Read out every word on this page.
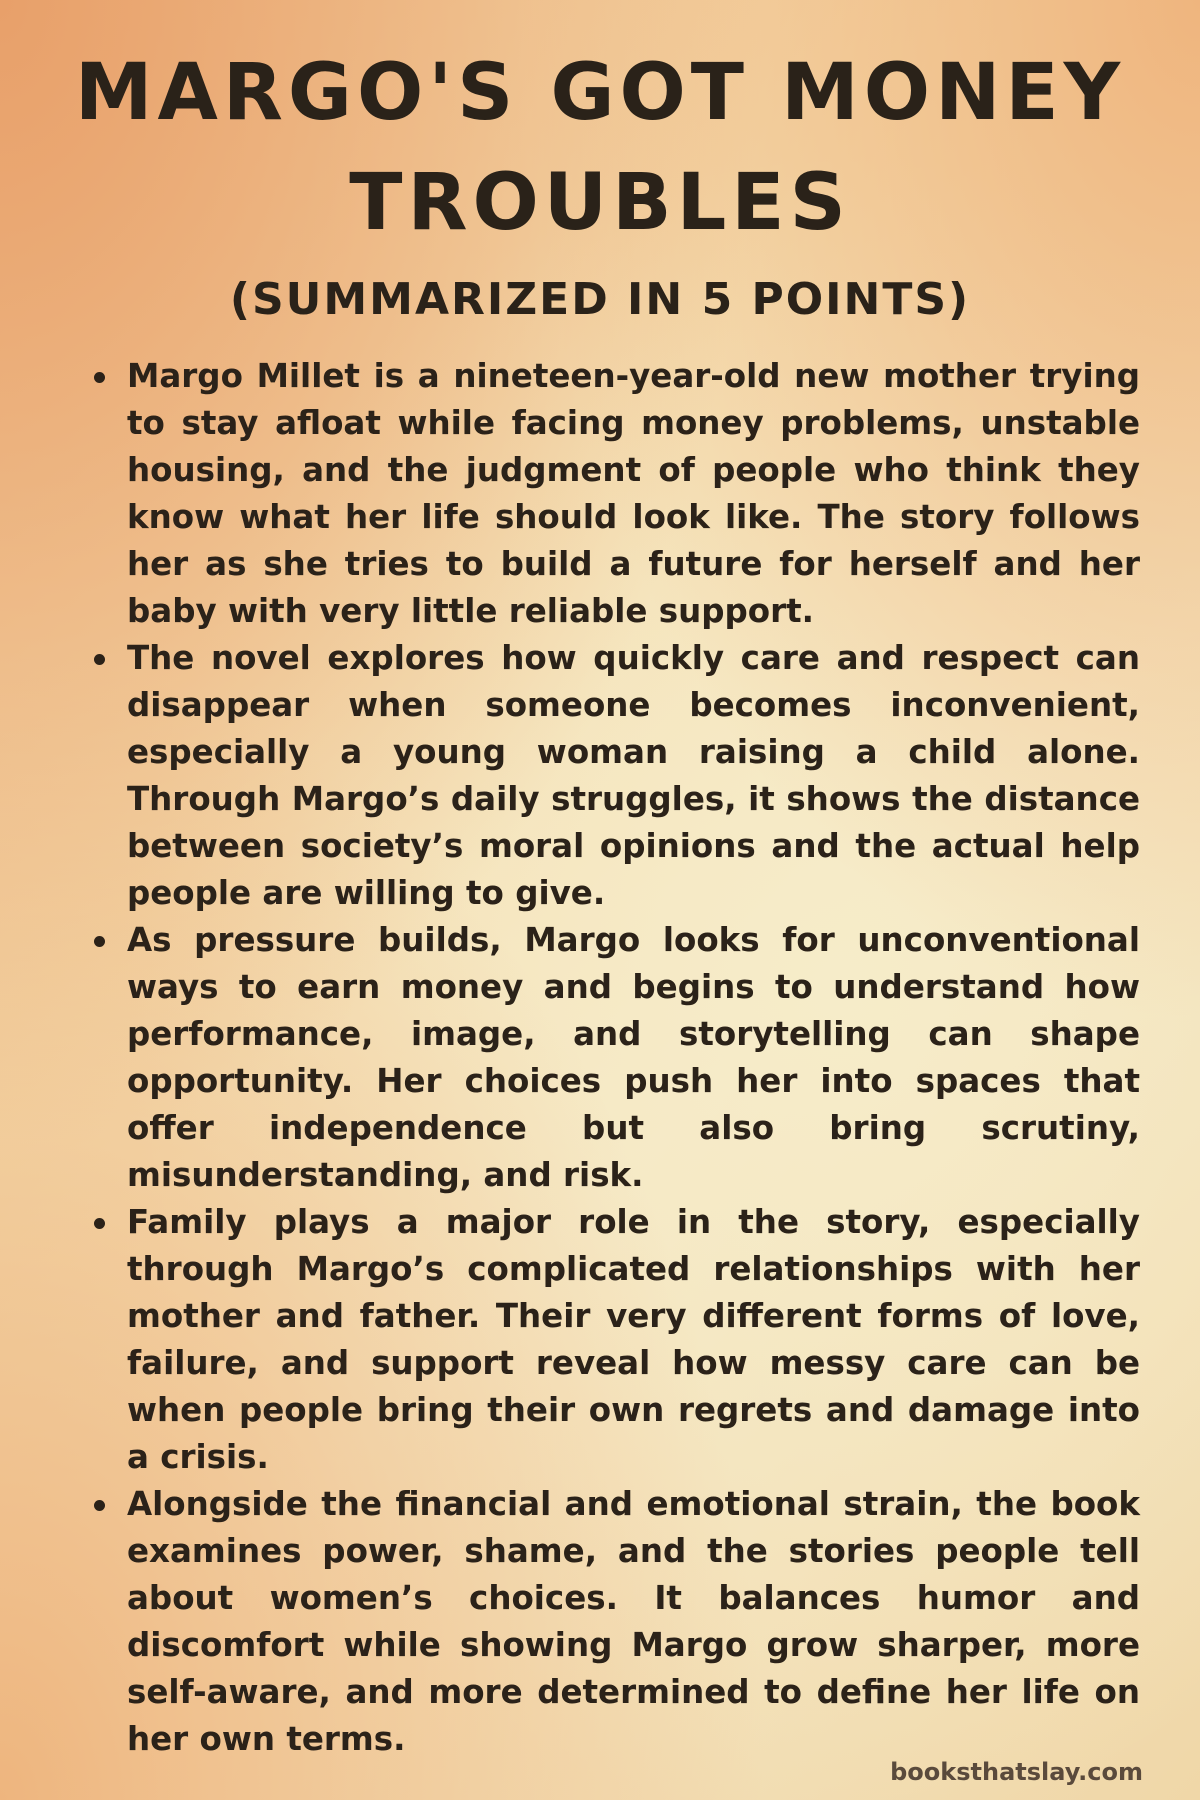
MARGO'S GOT MONEY TROUBLES
(SUMMARIZED IN 5 POINTS)
Margo Millet is a nineteen-year-old new mother trying to stay afloat while facing money problems, unstable housing, and the judgment of people who think they know what her life should look like. The story follows her as she tries to build a future for herself and her baby with very little reliable support.
The novel explores how quickly care and respect can disappear when someone becomes inconvenient, especially a young woman raising a child alone. Through Margo’s daily struggles, it shows the distance between society’s moral opinions and the actual help people are willing to give.
As pressure builds, Margo looks for unconventional ways to earn money and begins to understand how performance, image, and storytelling can shape opportunity. Her choices push her into spaces that offer independence but also bring scrutiny, misunderstanding, and risk.
Family plays a major role in the story, especially through Margo’s complicated relationships with her mother and father. Their very different forms of love, failure, and support reveal how messy care can be when people bring their own regrets and damage into a crisis.
Alongside the financial and emotional strain, the book examines power, shame, and the stories people tell about women’s choices. It balances humor and discomfort while showing Margo grow sharper, more self-aware, and more determined to define her life on her own terms.
booksthatslay.com
